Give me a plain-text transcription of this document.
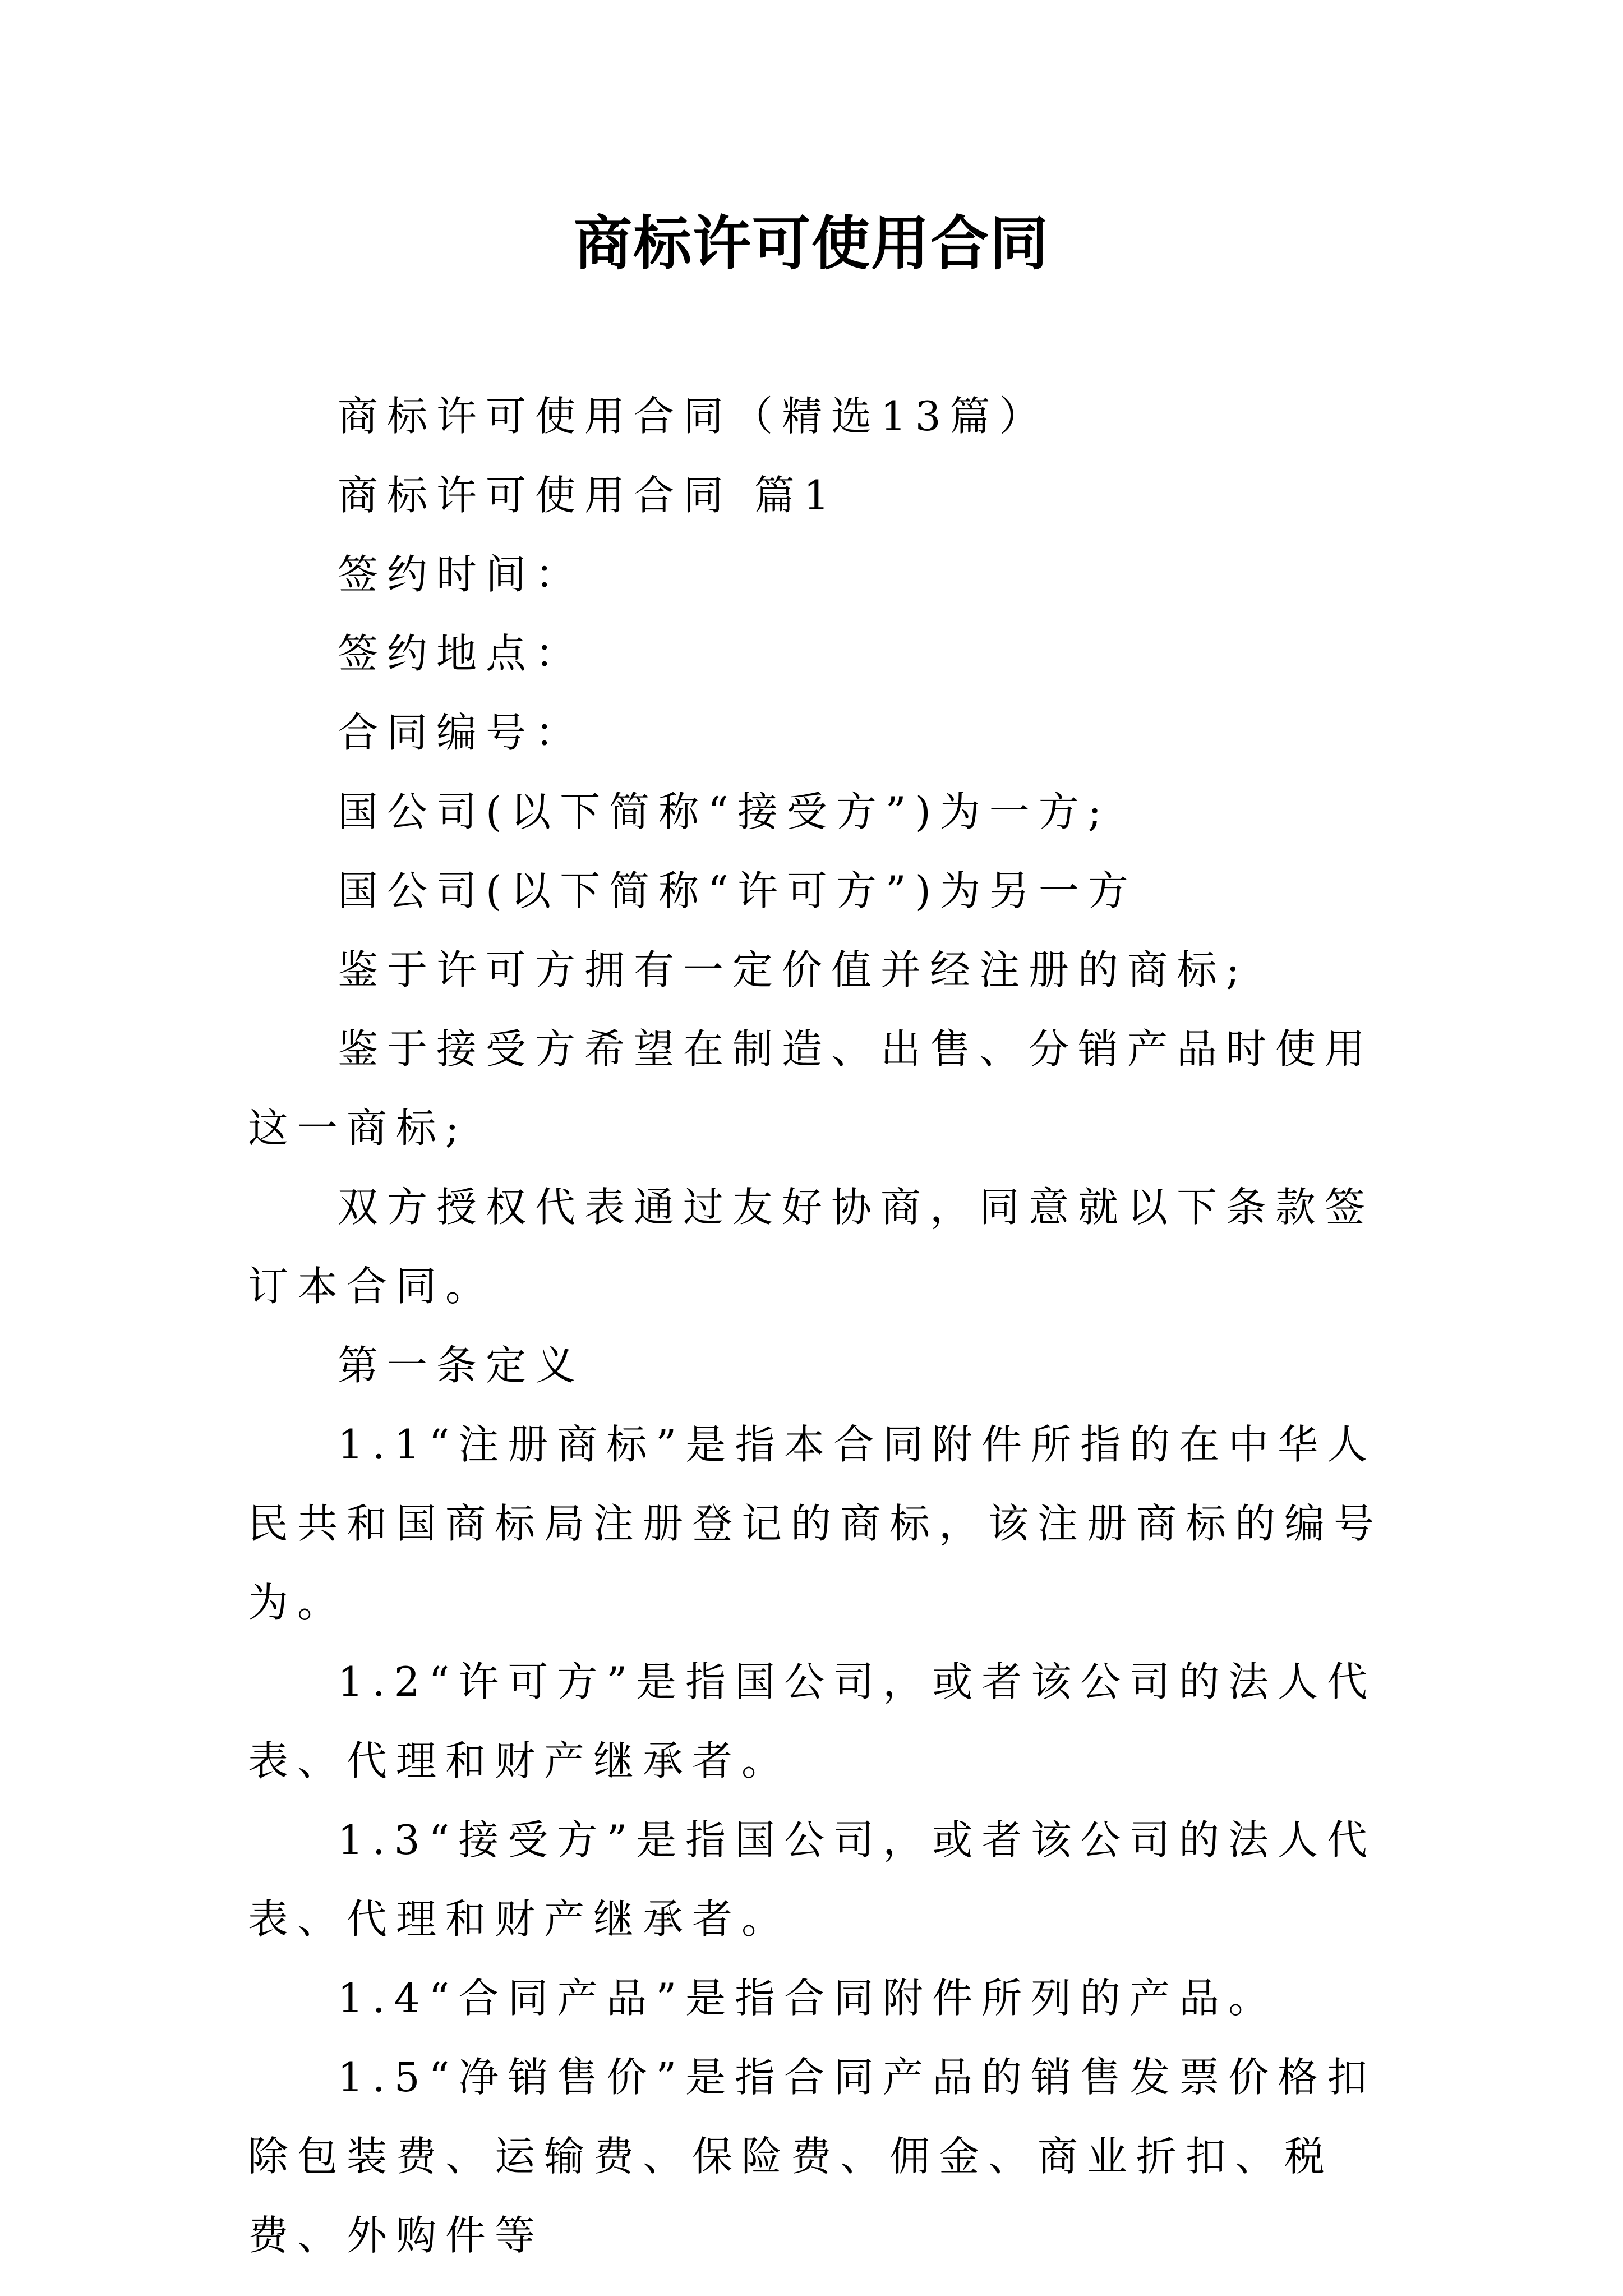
商标许可使用合同

商标许可使用合同（精选13篇）

商标许可使用合同 篇1

签约时间：

签约地点：

合同编号：

国公司(以下简称“接受方”)为一方;

国公司(以下简称“许可方”)为另一方

鉴于许可方拥有一定价值并经注册的商标;

鉴于接受方希望在制造、出售、分销产品时使用这一商标;

双方授权代表通过友好协商，同意就以下条款签订本合同。

第一条定义

1.1“注册商标”是指本合同附件所指的在中华人民共和国商标局注册登记的商标，该注册商标的编号为。

1.2“许可方”是指国公司，或者该公司的法人代表、代理和财产继承者。

1.3“接受方”是指国公司，或者该公司的法人代表、代理和财产继承者。

1.4“合同产品”是指合同附件所列的产品。

1.5“净销售价”是指合同产品的销售发票价格扣除包装费、运输费、保险费、佣金、商业折扣、税费、外购件等
